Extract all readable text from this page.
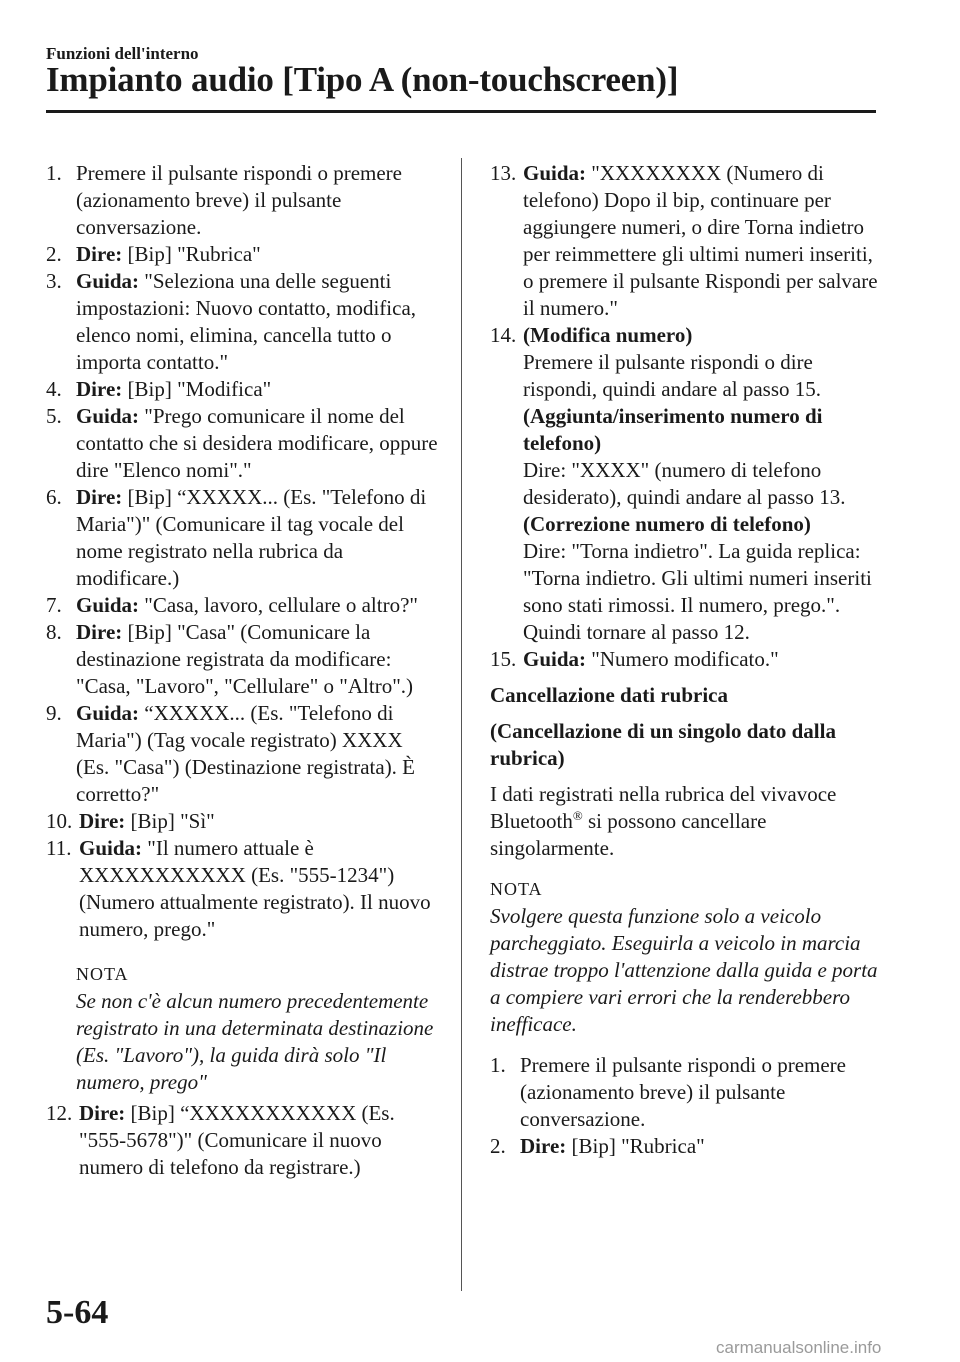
Funzioni dell'interno
Impianto audio [Tipo A (non-touchscreen)]
1. Premere il pulsante rispondi o premere (azionamento breve) il pulsante conversazione.
2. Dire: [Bip] "Rubrica"
3. Guida: "Seleziona una delle seguenti impostazioni: Nuovo contatto, modifica, elenco nomi, elimina, cancella tutto o importa contatto."
4. Dire: [Bip] "Modifica"
5. Guida: "Prego comunicare il nome del contatto che si desidera modificare, oppure dire "Elenco nomi"."
6. Dire: [Bip] “XXXXX... (Es. "Telefono di Maria")" (Comunicare il tag vocale del nome registrato nella rubrica da modificare.)
7. Guida: "Casa, lavoro, cellulare o altro?"
8. Dire: [Bip] "Casa" (Comunicare la destinazione registrata da modificare: "Casa, "Lavoro", "Cellulare" o "Altro".)
9. Guida: “XXXXX... (Es. "Telefono di Maria") (Tag vocale registrato) XXXX (Es. "Casa") (Destinazione registrata). È corretto?"
10. Dire: [Bip] "Sì"
11. Guida: "Il numero attuale è XXXXXXXXXXX (Es. "555-1234") (Numero attualmente registrato). Il nuovo numero, prego."
NOTA
Se non c'è alcun numero precedentemente registrato in una determinata destinazione (Es. "Lavoro"), la guida dirà solo "Il numero, prego"
12. Dire: [Bip] “XXXXXXXXXXX (Es. "555-5678")" (Comunicare il nuovo numero di telefono da registrare.)
13. Guida: "XXXXXXXX (Numero di telefono) Dopo il bip, continuare per aggiungere numeri, o dire Torna indietro per reimmettere gli ultimi numeri inseriti, o premere il pulsante Rispondi per salvare il numero."
14. (Modifica numero)
Premere il pulsante rispondi o dire rispondi, quindi andare al passo 15.
(Aggiunta/inserimento numero di telefono)
Dire: "XXXX" (numero di telefono desiderato), quindi andare al passo 13.
(Correzione numero di telefono)
Dire: "Torna indietro". La guida replica: "Torna indietro. Gli ultimi numeri inseriti sono stati rimossi. Il numero, prego.". Quindi tornare al passo 12.
15. Guida: "Numero modificato."
Cancellazione dati rubrica
(Cancellazione di un singolo dato dalla rubrica)
I dati registrati nella rubrica del vivavoce Bluetooth® si possono cancellare singolarmente.
NOTA
Svolgere questa funzione solo a veicolo parcheggiato. Eseguirla a veicolo in marcia distrae troppo l'attenzione dalla guida e porta a compiere vari errori che la renderebbero inefficace.
1. Premere il pulsante rispondi o premere (azionamento breve) il pulsante conversazione.
2. Dire: [Bip] "Rubrica"
5-64
carmanualsonline.info
